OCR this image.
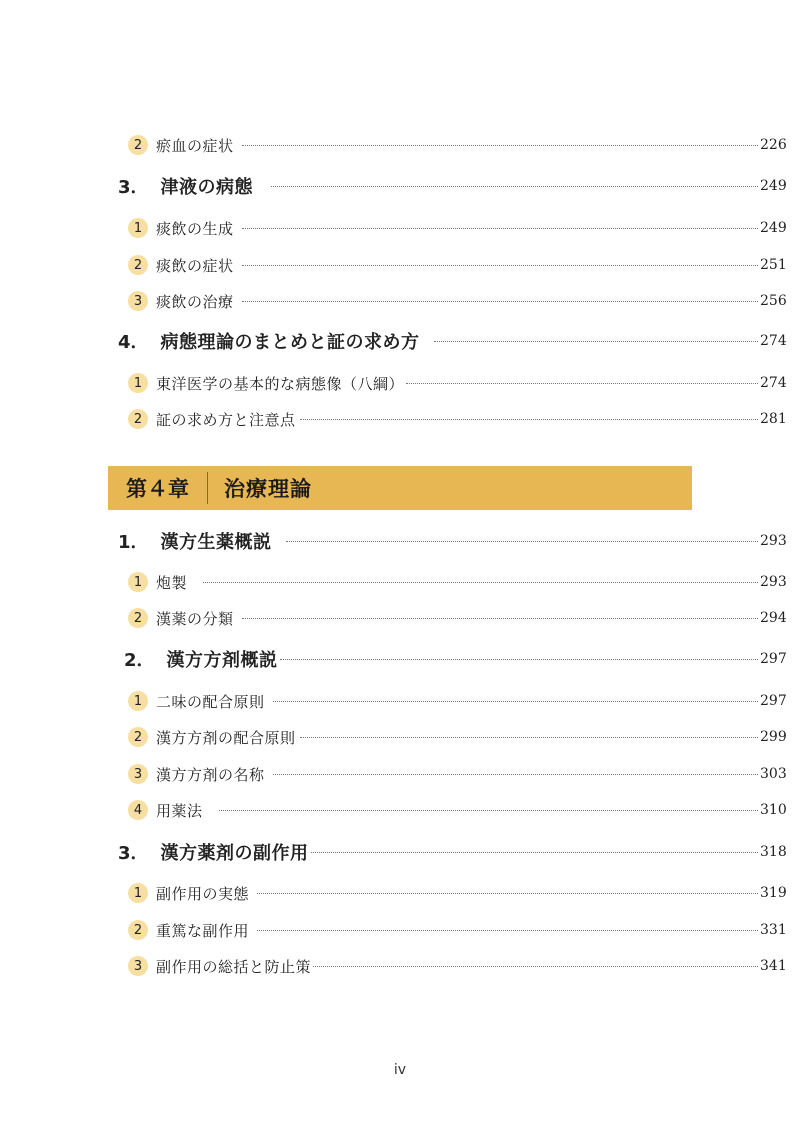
2 瘀血の症状	226
3． 津液の病態	249
1 痰飲の生成	249
2 痰飲の症状	251
3 痰飲の治療	256
4． 病態理論のまとめと証の求め方	274
1 東洋医学の基本的な病態像（八綱）	274
2 証の求め方と注意点	281
第４章 治療理論
1． 漢方生薬概説	293
1 炮製	293
2 漢薬の分類	294
2． 漢方方剤概説	297
1 二味の配合原則	297
2 漢方方剤の配合原則	299
3 漢方方剤の名称	303
4 用薬法	310
3． 漢方薬剤の副作用	318
1 副作用の実態	319
2 重篤な副作用	331
3 副作用の総括と防止策	341
iv
